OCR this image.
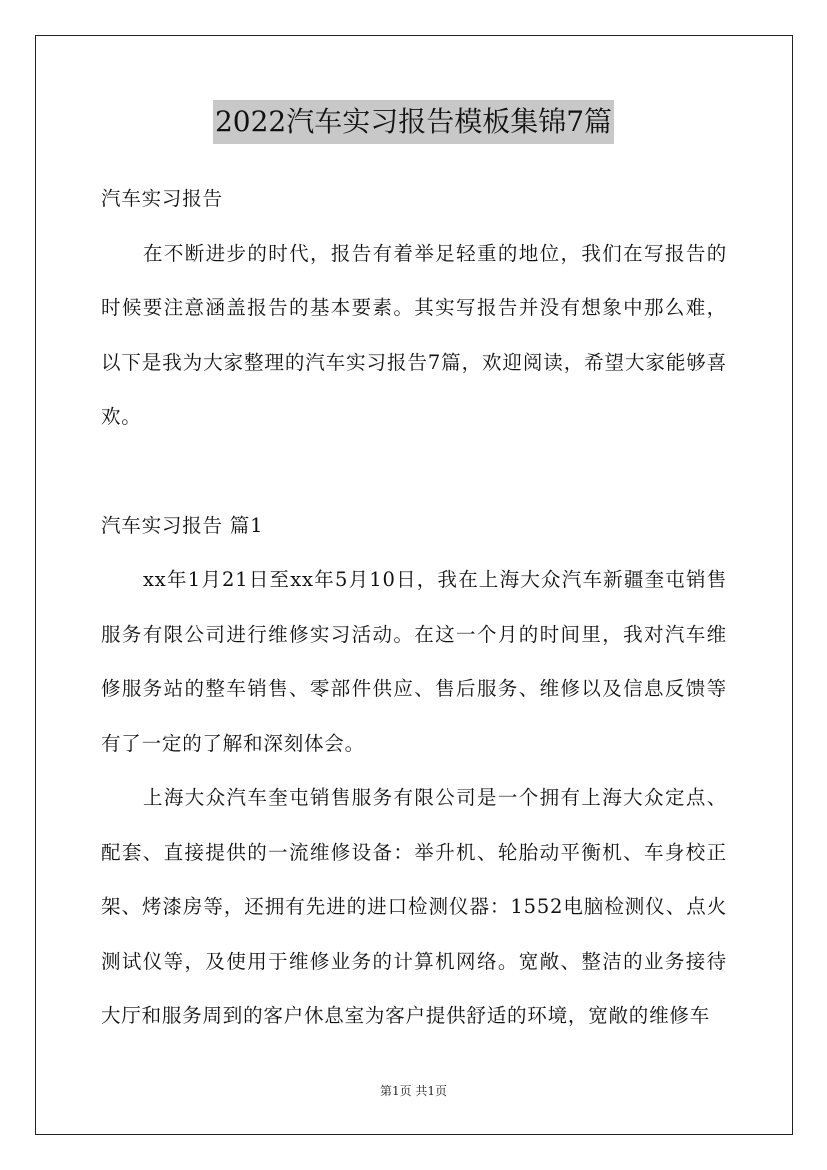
2022汽车实习报告模板集锦7篇

汽车实习报告

在不断进步的时代，报告有着举足轻重的地位，我们在写报告的时候要注意涵盖报告的基本要素。其实写报告并没有想象中那么难，以下是我为大家整理的汽车实习报告7篇，欢迎阅读，希望大家能够喜欢。

汽车实习报告 篇1

xx年1月21日至xx年5月10日，我在上海大众汽车新疆奎屯销售服务有限公司进行维修实习活动。在这一个月的时间里，我对汽车维修服务站的整车销售、零部件供应、售后服务、维修以及信息反馈等有了一定的了解和深刻体会。

上海大众汽车奎屯销售服务有限公司是一个拥有上海大众定点、配套、直接提供的一流维修设备：举升机、轮胎动平衡机、车身校正架、烤漆房等，还拥有先进的进口检测仪器：1552电脑检测仪、点火测试仪等，及使用于维修业务的计算机网络。宽敞、整洁的业务接待大厅和服务周到的客户休息室为客户提供舒适的环境，宽敞的维修车

第1页 共1页
